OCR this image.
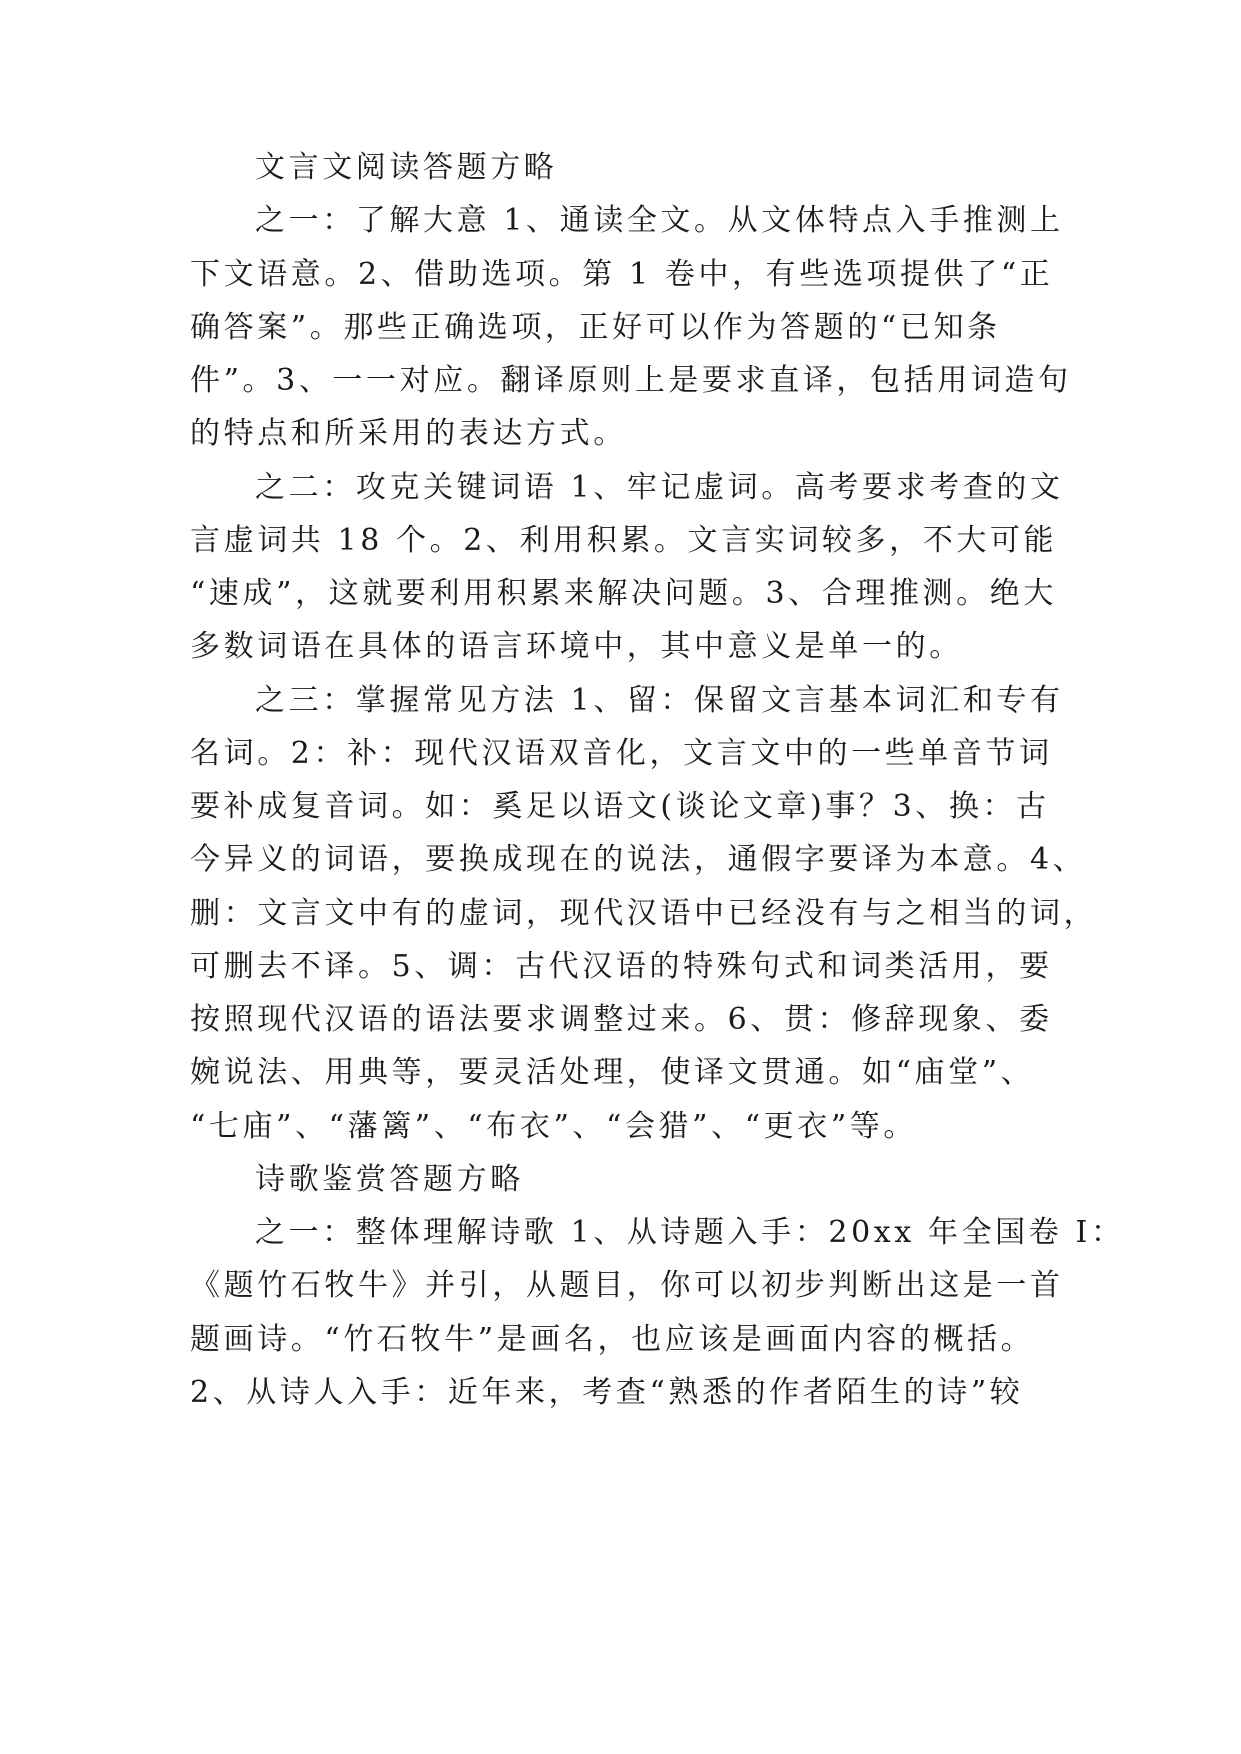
文言文阅读答题方略
之一：了解大意 1、通读全文。从文体特点入手推测上
下文语意。2、借助选项。第 1 卷中，有些选项提供了“正
确答案”。那些正确选项，正好可以作为答题的“已知条
件”。3、一一对应。翻译原则上是要求直译，包括用词造句
的特点和所采用的表达方式。
之二：攻克关键词语 1、牢记虚词。高考要求考查的文
言虚词共 18 个。2、利用积累。文言实词较多，不大可能
“速成”，这就要利用积累来解决问题。3、合理推测。绝大
多数词语在具体的语言环境中，其中意义是单一的。
之三：掌握常见方法 1、留：保留文言基本词汇和专有
名词。2：补：现代汉语双音化，文言文中的一些单音节词
要补成复音词。如：奚足以语文(谈论文章)事？3、换：古
今异义的词语，要换成现在的说法，通假字要译为本意。4、
删：文言文中有的虚词，现代汉语中已经没有与之相当的词，
可删去不译。5、调：古代汉语的特殊句式和词类活用，要
按照现代汉语的语法要求调整过来。6、贯：修辞现象、委
婉说法、用典等，要灵活处理，使译文贯通。如“庙堂”、
“七庙”、“藩篱”、“布衣”、“会猎”、“更衣”等。
诗歌鉴赏答题方略
之一：整体理解诗歌 1、从诗题入手：20xx 年全国卷 I：
《题竹石牧牛》并引，从题目，你可以初步判断出这是一首
题画诗。“竹石牧牛”是画名，也应该是画面内容的概括。
2、从诗人入手：近年来，考查“熟悉的作者陌生的诗”较
